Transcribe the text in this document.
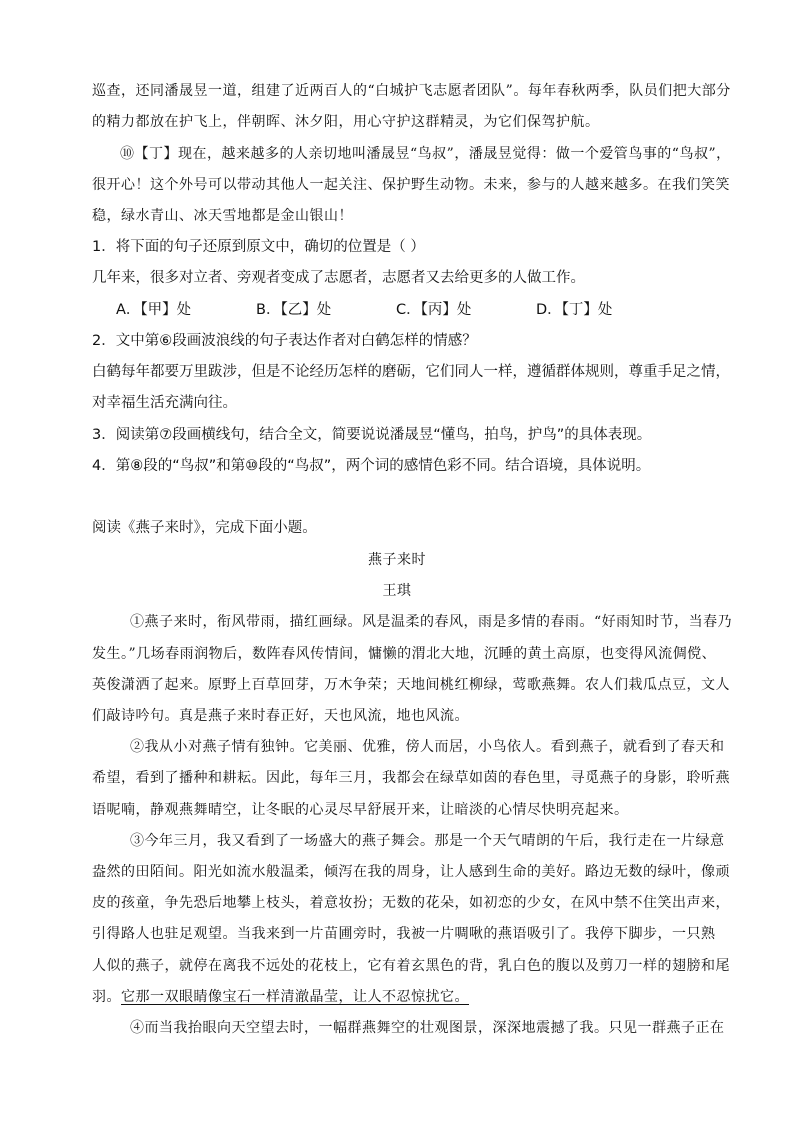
巡查，还同潘晟昱一道，组建了近两百人的“白城护飞志愿者团队”。每年春秋两季，队员们把大部分
的精力都放在护飞上，伴朝晖、沐夕阳，用心守护这群精灵，为它们保驾护航。
⑩【丁】现在，越来越多的人亲切地叫潘晟昱“鸟叔”，潘晟昱觉得：做一个爱管鸟事的“鸟叔”，
很开心！这个外号可以带动其他人一起关注、保护野生动物。未来，参与的人越来越多。在我们笑笑
稳，绿水青山、冰天雪地都是金山银山！
1．将下面的句子还原到原文中，确切的位置是（ ）
几年来，很多对立者、旁观者变成了志愿者，志愿者又去给更多的人做工作。
A．【甲】处	B．【乙】处	C．【丙】处	D．【丁】处
2．文中第⑥段画波浪线的句子表达作者对白鹤怎样的情感？
白鹤每年都要万里跋涉，但是不论经历怎样的磨砺，它们同人一样，遵循群体规则，尊重手足之情，
对幸福生活充满向往。
3．阅读第⑦段画横线句，结合全文，简要说说潘晟昱“懂鸟，拍鸟，护鸟”的具体表现。
4．第⑧段的“鸟叔”和第⑩段的“鸟叔”，两个词的感情色彩不同。结合语境，具体说明。
阅读《燕子来时》，完成下面小题。
燕子来时
王琪
①燕子来时，衔风带雨，描红画绿。风是温柔的春风，雨是多情的春雨。“好雨知时节，当春乃
发生。”几场春雨润物后，数阵春风传情间，慵懒的渭北大地，沉睡的黄土高原，也变得风流倜傥、
英俊潇洒了起来。原野上百草回芽，万木争荣；天地间桃红柳绿，莺歌燕舞。农人们栽瓜点豆，文人
们敲诗吟句。真是燕子来时春正好，天也风流，地也风流。
②我从小对燕子情有独钟。它美丽、优雅，傍人而居，小鸟依人。看到燕子，就看到了春天和
希望，看到了播种和耕耘。因此，每年三月，我都会在绿草如茵的春色里，寻觅燕子的身影，聆听燕
语呢喃，静观燕舞晴空，让冬眠的心灵尽早舒展开来，让暗淡的心情尽快明亮起来。
③今年三月，我又看到了一场盛大的燕子舞会。那是一个天气晴朗的午后，我行走在一片绿意
盎然的田陌间。阳光如流水般温柔，倾泻在我的周身，让人感到生命的美好。路边无数的绿叶，像顽
皮的孩童，争先恐后地攀上枝头，着意妆扮；无数的花朵，如初恋的少女，在风中禁不住笑出声来，
引得路人也驻足观望。当我来到一片苗圃旁时，我被一片啁啾的燕语吸引了。我停下脚步，一只熟
人似的燕子，就停在离我不远处的花枝上，它有着玄黑色的背，乳白色的腹以及剪刀一样的翅膀和尾
羽。它那一双眼睛像宝石一样清澈晶莹，让人不忍惊扰它。
④而当我抬眼向天空望去时，一幅群燕舞空的壮观图景，深深地震撼了我。只见一群燕子正在
